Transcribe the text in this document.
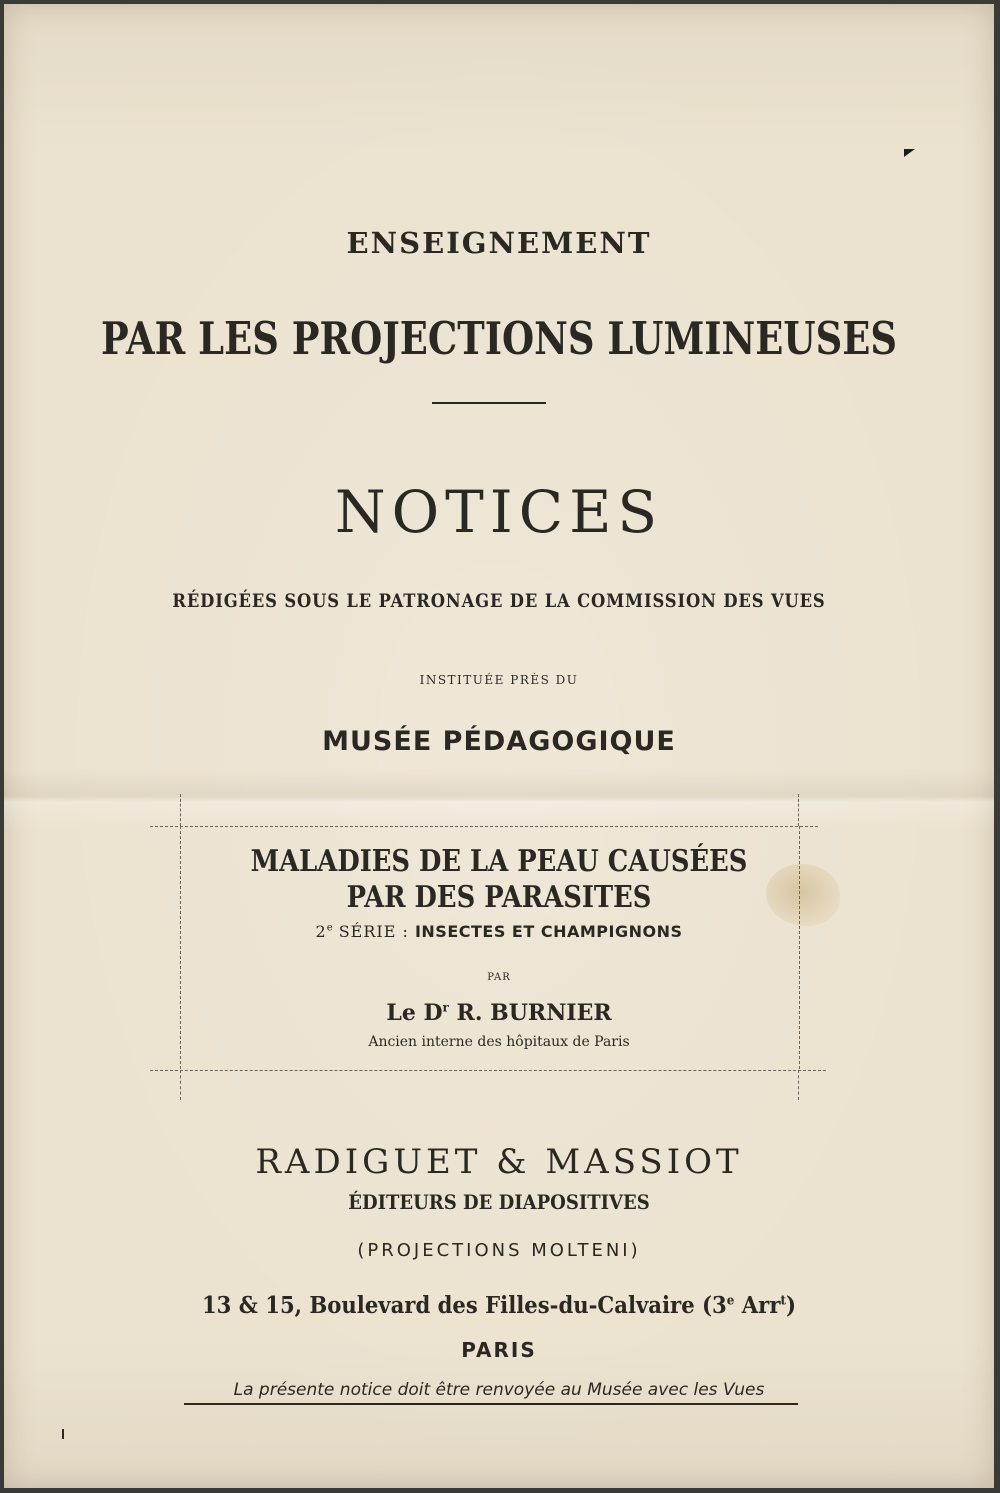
ENSEIGNEMENT
PAR LES PROJECTIONS LUMINEUSES
NOTICES
RÉDIGÉES SOUS LE PATRONAGE DE LA COMMISSION DES VUES
INSTITUÉE PRÈS DU
MUSÉE PÉDAGOGIQUE
MALADIES DE LA PEAU CAUSÉES
PAR DES PARASITES
2e SÉRIE : INSECTES ET CHAMPIGNONS
PAR
Le $D^r$ R. BURNIER
Ancien interne des hôpitaux de Paris
RADIGUET & MASSIOT
ÉDITEURS DE DIAPOSITIVES
(PROJECTIONS MOLTENI)
13 & 15, Boulevard des Filles-du-Calvaire (3e Arr$^t$)
PARIS
La présente notice doit être renvoyée au Musée avec les Vues
